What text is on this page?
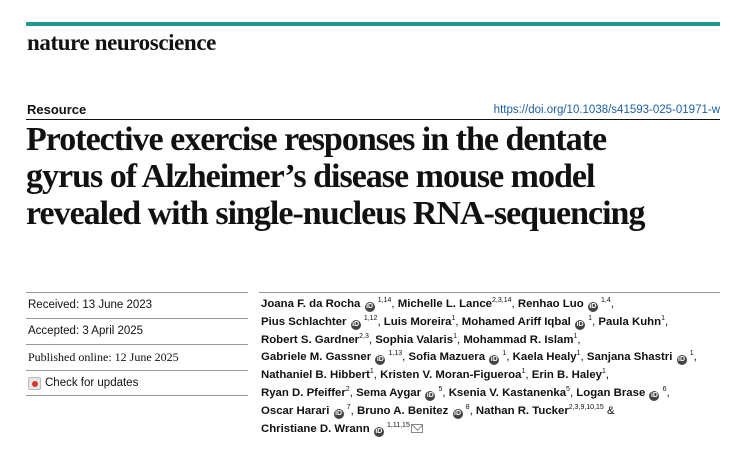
nature neuroscience
Resource	https://doi.org/10.1038/s41593-025-01971-w
Protective exercise responses in the dentate
gyrus of Alzheimer’s disease mouse model
revealed with single-nucleus RNA-sequencing
Received: 13 June 2023
Accepted: 3 April 2025
Published online: 12 June 2025
Check for updates
Joana F. da Rocha iD $^{1,14}$, Michelle L. Lance$^{2,3,14}$, Renhao Luo iD $^{1,4}$,
Pius Schlachter iD $^{1,12}$, Luis Moreira$^1$, Mohamed Ariff Iqbal iD $^1$, Paula Kuhn$^1$,
Robert S. Gardner$^{2,3}$, Sophia Valaris$^1$, Mohammad R. Islam$^1$,
Gabriele M. Gassner iD $^{1,13}$, Sofia Mazuera iD $^1$, Kaela Healy$^1$, Sanjana Shastri iD $^1$,
Nathaniel B. Hibbert$^1$, Kristen V. Moran-Figueroa$^1$, Erin B. Haley$^1$,
Ryan D. Pfeiffer$^2$, Sema Aygar iD $^5$, Ksenia V. Kastanenka$^5$, Logan Brase iD $^6$,
Oscar Harari iD $^7$, Bruno A. Benitez iD $^8$, Nathan R. Tucker$^{2,3,9,10,15}$ &
Christiane D. Wrann iD $^{1,11,15}$
